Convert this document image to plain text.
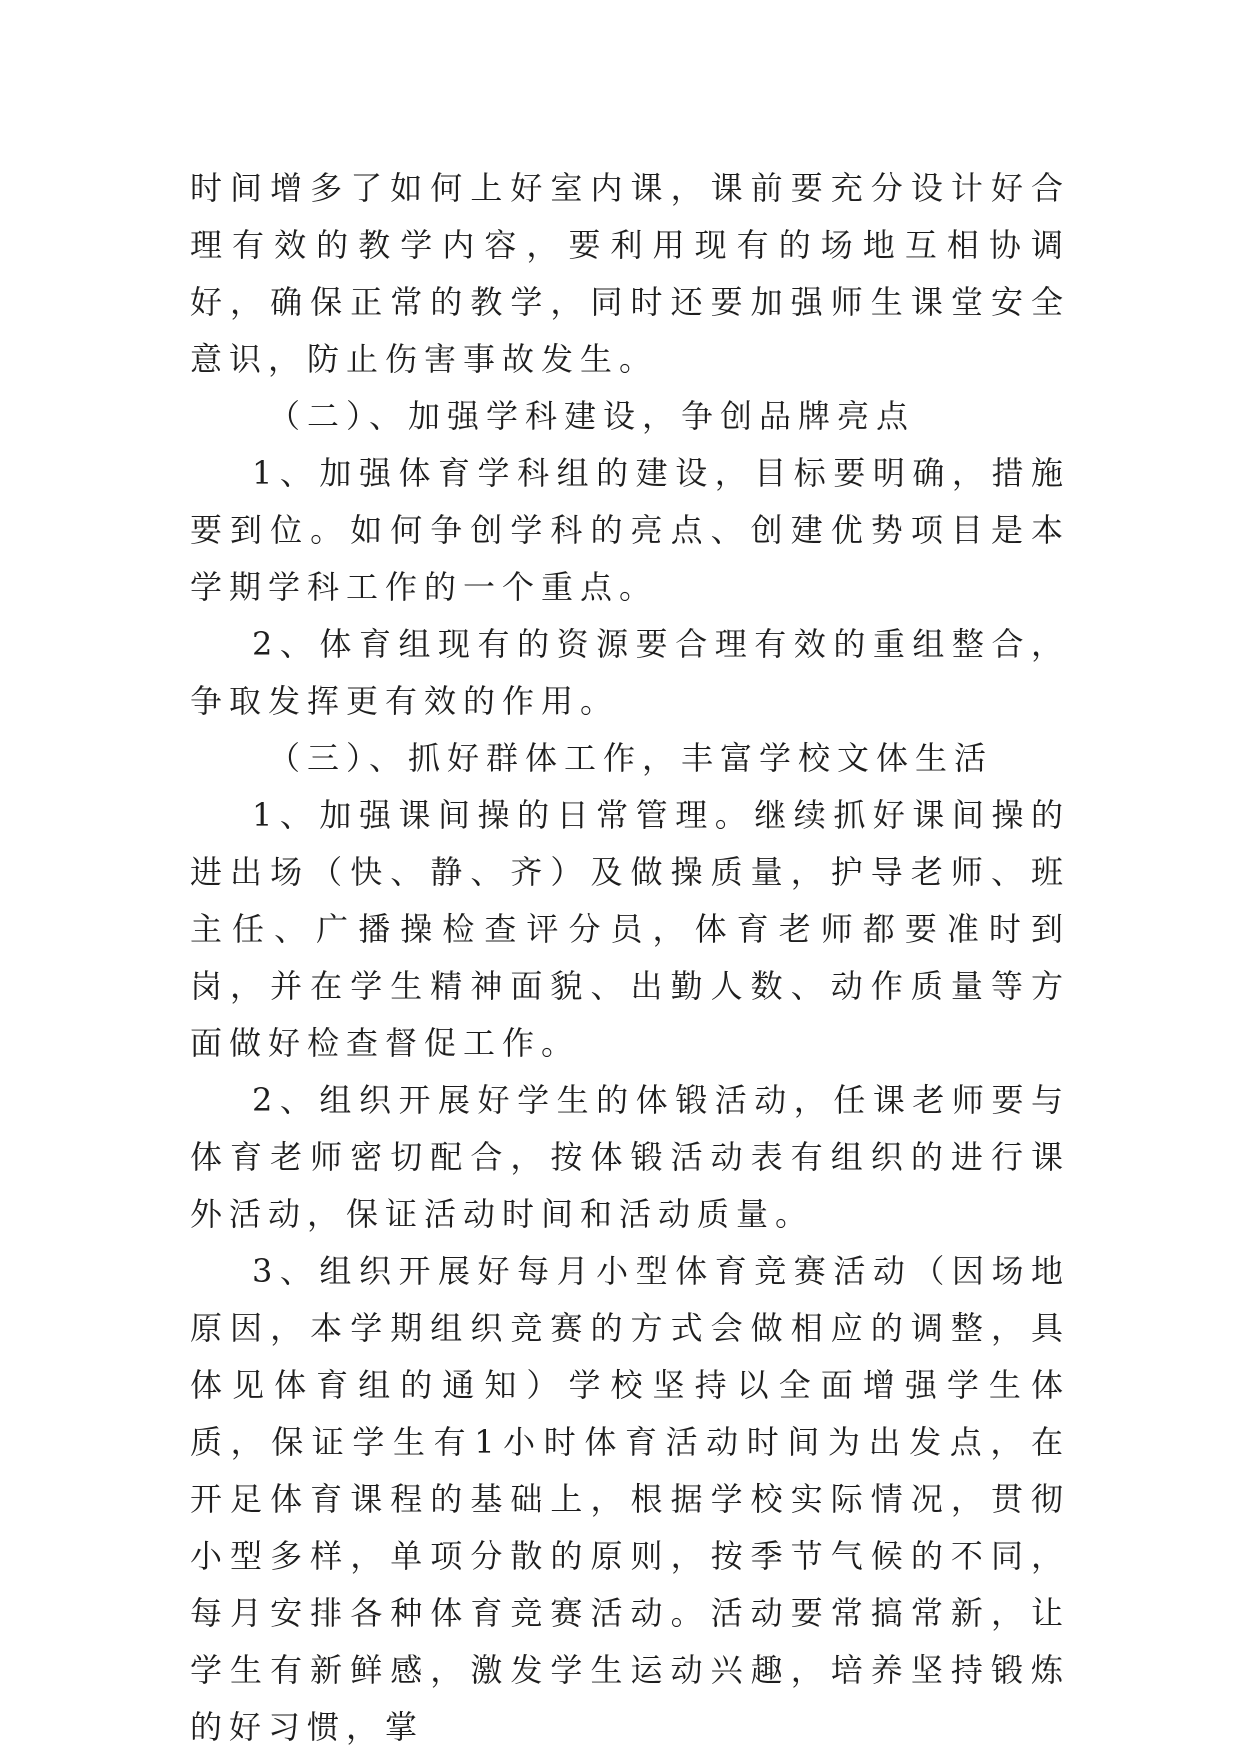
时间增多了如何上好室内课，课前要充分设计好合理有效的教学内容，要利用现有的场地互相协调好，确保正常的教学，同时还要加强师生课堂安全意识，防止伤害事故发生。

（二）、加强学科建设，争创品牌亮点

1、加强体育学科组的建设，目标要明确，措施要到位。如何争创学科的亮点、创建优势项目是本学期学科工作的一个重点。

2、体育组现有的资源要合理有效的重组整合，争取发挥更有效的作用。

（三）、抓好群体工作，丰富学校文体生活

1、加强课间操的日常管理。继续抓好课间操的进出场（快、静、齐）及做操质量，护导老师、班主任、广播操检查评分员，体育老师都要准时到岗，并在学生精神面貌、出勤人数、动作质量等方面做好检查督促工作。

2、组织开展好学生的体锻活动，任课老师要与体育老师密切配合，按体锻活动表有组织的进行课外活动，保证活动时间和活动质量。

3、组织开展好每月小型体育竞赛活动（因场地原因，本学期组织竞赛的方式会做相应的调整，具体见体育组的通知）学校坚持以全面增强学生体质，保证学生有1小时体育活动时间为出发点，在开足体育课程的基础上，根据学校实际情况，贯彻小型多样，单项分散的原则，按季节气候的不同，每月安排各种体育竞赛活动。活动要常搞常新，让学生有新鲜感，激发学生运动兴趣，培养坚持锻炼的好习惯，掌
